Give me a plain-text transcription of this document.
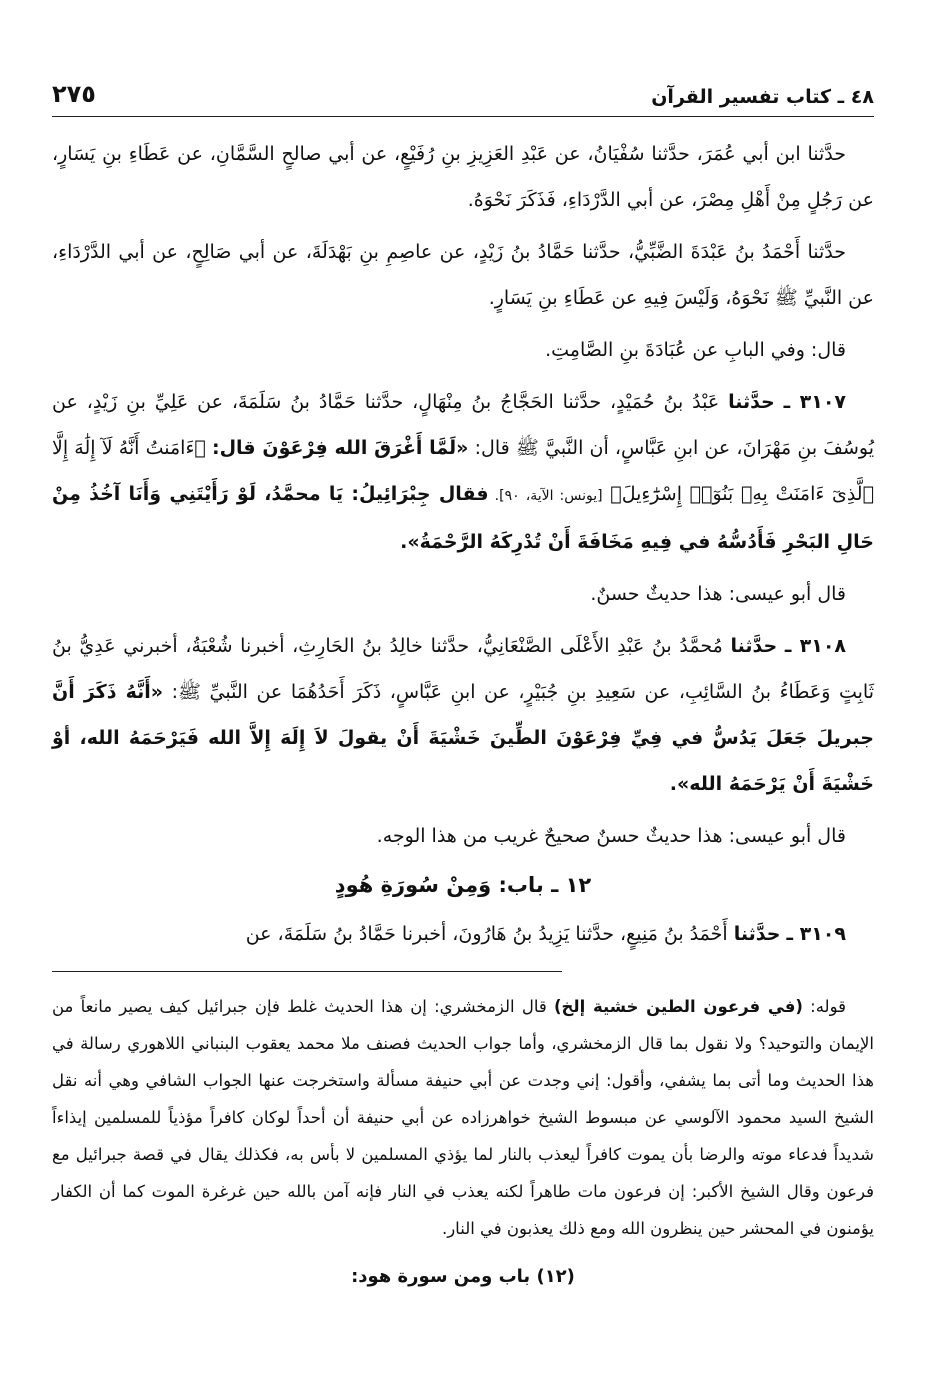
٤٨ ـ كتاب تفسير القرآن
٢٧٥

حدَّثنا ابن أبي عُمَرَ، حدَّثنا سُفْيَانُ، عن عَبْدِ العَزِيزِ بنِ رُفَيْعٍ، عن أبي صالحٍ السَّمَّانِ، عن عَطَاءِ بنِ يَسَارٍ، عن رَجُلٍ مِنْ أَهْلِ مِصْرَ، عن أبي الدَّرْدَاءِ، فَذَكَرَ نَحْوَهُ.

حدَّثنا أَحْمَدُ بنُ عَبْدَةَ الضَّبِّيُّ، حدَّثنا حَمَّادُ بنُ زَيْدٍ، عن عاصِمِ بنِ بَهْدَلَةَ، عن أبي صَالِحٍ، عن أبي الدَّرْدَاءِ، عن النَّبيِّ ﷺ نَحْوَهُ، وَلَيْسَ فِيهِ عن عَطَاءِ بنِ يَسَارٍ.

قال: وفي البابِ عن عُبَادَةَ بنِ الصَّامِتِ.

٣١٠٧ ـ حدَّثنا عَبْدُ بنُ حُمَيْدٍ، حدَّثنا الحَجَّاجُ بنُ مِنْهَالٍ، حدَّثنا حَمَّادُ بنُ سَلَمَةَ، عن عَلِيِّ بنِ زَيْدٍ، عن يُوسُفَ بنِ مَهْرَانَ، عن ابنِ عَبَّاسٍ، أن النَّبيَّ ﷺ قال: «لَمَّا أَغْرَقَ الله فِرْعَوْنَ قال: ﴿ءَامَنتُ أَنَّهُ لَآ إِلَٰهَ إِلَّا ٱلَّذِىٓ ءَامَنَتْ بِهِۦ بَنُوٓا۟ إِسْرَٰٓءِيلَ﴾ [يونس: الآية، ٩٠]. فقال جِبْرَائِيلُ: يَا محمَّدُ، لَوْ رَأَيْتَنِي وَأَنَا آخُذُ مِنْ حَالِ البَحْرِ فَأَدُسُّهُ في فِيهِ مَخَافَةَ أَنْ تُدْرِكَهُ الرَّحْمَةُ».

قال أبو عيسى: هذا حديثٌ حسنٌ.

٣١٠٨ ـ حدَّثنا مُحمَّدُ بنُ عَبْدِ الأَعْلَى الصَّنْعَانِيُّ، حدَّثنا خالِدُ بنُ الحَارِثِ، أخبرنا شُعْبَةُ، أخبرني عَدِيُّ بنُ ثَابِتٍ وَعَطَاءُ بنُ السَّائِبِ، عن سَعِيدِ بنِ جُبَيْرٍ، عن ابنِ عَبَّاسٍ، ذَكَرَ أَحَدُهُمَا عن النَّبيِّ ﷺ: «أَنَّهُ ذَكَرَ أَنَّ جبريلَ جَعَلَ يَدُسُّ في فِيِّ فِرْعَوْنَ الطِّينَ خَشْيَةَ أَنْ يقولَ لاَ إِلَهَ إِلاَّ الله فَيَرْحَمَهُ الله، أوْ خَشْيَةَ أَنْ يَرْحَمَهُ الله».

قال أبو عيسى: هذا حديثٌ حسنٌ صحيحٌ غريب من هذا الوجه.

١٢ ـ باب: وَمِنْ سُورَةِ هُودٍ

٣١٠٩ ـ حدَّثنا أَحْمَدُ بنُ مَنِيعٍ، حدَّثنا يَزِيدُ بنُ هَارُونَ، أخبرنا حَمَّادُ بنُ سَلَمَةَ، عن

قوله: (في فرعون الطين خشية إلخ) قال الزمخشري: إن هذا الحديث غلط فإن جبرائيل كيف يصير مانعاً من الإيمان والتوحيد؟ ولا نقول بما قال الزمخشري، وأما جواب الحديث فصنف ملا محمد يعقوب البنباني اللاهوري رسالة في هذا الحديث وما أتى بما يشفي، وأقول: إني وجدت عن أبي حنيفة مسألة واستخرجت عنها الجواب الشافي وهي أنه نقل الشيخ السيد محمود الآلوسي عن مبسوط الشيخ خواهرزاده عن أبي حنيفة أن أحداً لوكان كافراً مؤذياً للمسلمين إيذاءاً شديداً فدعاء موته والرضا بأن يموت كافراً ليعذب بالنار لما يؤذي المسلمين لا بأس به، فكذلك يقال في قصة جبرائيل مع فرعون وقال الشيخ الأكبر: إن فرعون مات طاهراً لكنه يعذب في النار فإنه آمن بالله حين غرغرة الموت كما أن الكفار يؤمنون في المحشر حين ينظرون الله ومع ذلك يعذبون في النار.

(١٢) باب ومن سورة هود:
